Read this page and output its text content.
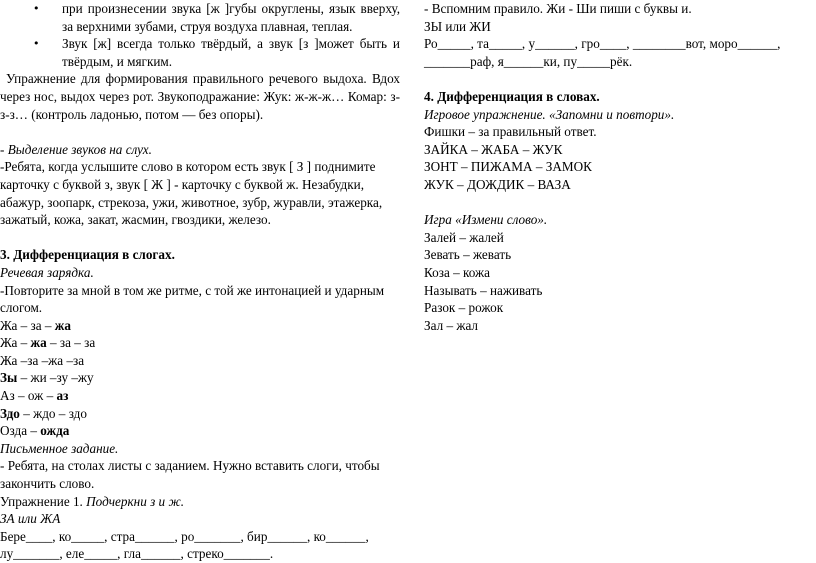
• при произнесении звука [ж ]губы округлены, язык вверху, за верхними зубами, струя воздуха плавная, теплая.
• Звук [ж] всегда только твёрдый, а звук [з ]может быть и твёрдым, и мягким.

Упражнение для формирования правильного речевого выдоха. Вдох через нос, выдох через рот. Звукоподражание: Жук: ж-ж-ж… Комар: з-з-з… (контроль ладонью, потом — без опоры).

- Выделение звуков на слух.

-Ребята, когда услышите слово в котором есть звук [ З ] поднимите карточку с буквой з, звук [ Ж ] - карточку с буквой ж. Незабудки, абажур, зоопарк, стрекоза, ужи, животное, зубр, журавли, этажерка, зажатый, кожа, закат, жасмин, гвоздики, железо.

3. Дифференциация в слогах.

Речевая зарядка.

-Повторите за мной в том же ритме, с той же интонацией и ударным слогом.

Жа – за – жа

Жа – жа – за – за

Жа –за –жа –за

Зы – жи –зу –жу

Аз – ож – аз

Здо – ждо – здо

Озда – ожда

Письменное задание.

- Ребята, на столах листы с заданием. Нужно вставить слоги, чтобы закончить слово.

Упражнение 1. Подчеркни з и ж.

ЗА или ЖА

Бере____, ко_____, стра______, ро_______, бир______, ко______,

лу_______, еле_____, гла______, стреко_______.

- Вспомним правило. Жи - Ши пиши с буквы и.

ЗЫ или ЖИ

Ро_____, та_____, у______, гро____, ________вот, моро______,

_______раф, я______ки, пу_____рёк.

4. Дифференциация в словах.

Игровое упражнение. «Запомни и повтори».

Фишки – за правильный ответ.

ЗАЙКА – ЖАБА – ЖУК

ЗОНТ – ПИЖАМА – ЗАМОК

ЖУК – ДОЖДИК – ВАЗА

Игра «Измени слово».

Залей – жалей

Зевать – жевать

Коза – кожа

Называть – наживать

Разок – рожок

Зал – жал
